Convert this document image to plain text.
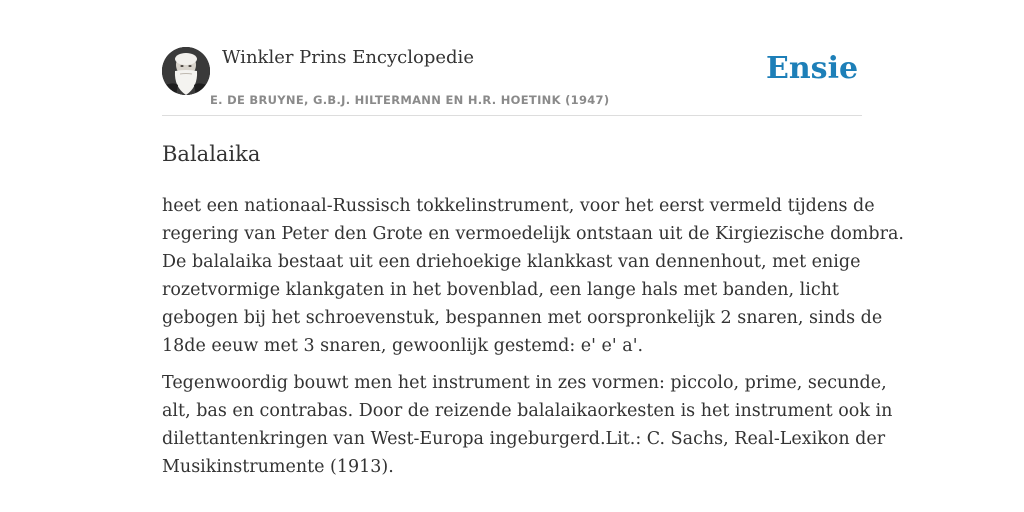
Winkler Prins Encyclopedie
E. DE BRUYNE, G.B.J. HILTERMANN EN H.R. HOETINK (1947)
Ensie
Balalaika

heet een nationaal-Russisch tokkelinstrument, voor het eerst vermeld tijdens de
regering van Peter den Grote en vermoedelijk ontstaan uit de Kirgiezische dombra.
De balalaika bestaat uit een driehoekige klankkast van dennenhout, met enige
rozetvormige klankgaten in het bovenblad, een lange hals met banden, licht
gebogen bij het schroevenstuk, bespannen met oorspronkelijk 2 snaren, sinds de
18de eeuw met 3 snaren, gewoonlijk gestemd: e' e' a'.

Tegenwoordig bouwt men het instrument in zes vormen: piccolo, prime, secunde,
alt, bas en contrabas. Door de reizende balalaikaorkesten is het instrument ook in
dilettantenkringen van West-Europa ingeburgerd.Lit.: C. Sachs, Real-Lexikon der
Musikinstrumente (1913).
